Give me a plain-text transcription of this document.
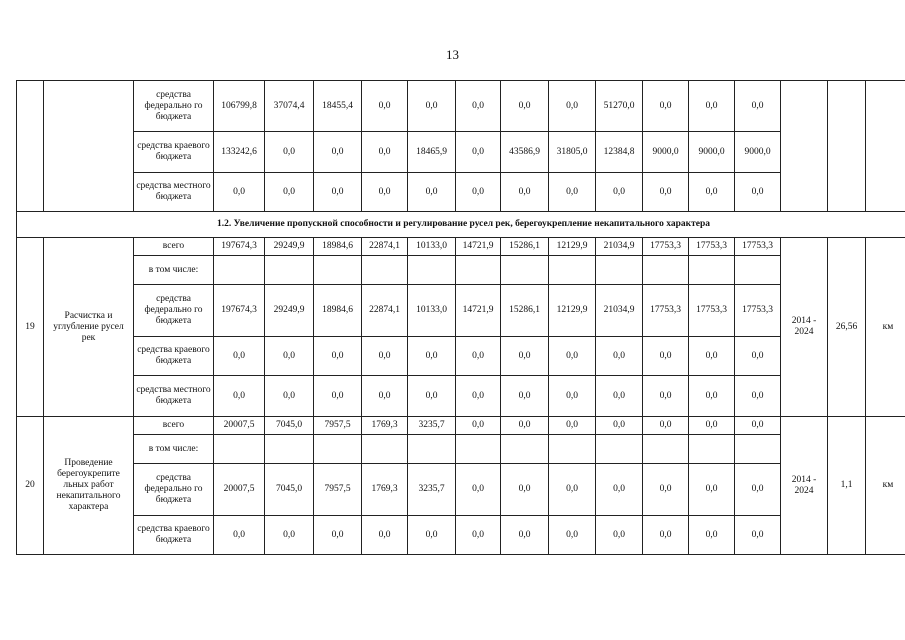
13
		средства федерально го бюджета	106799,8	37074,4	18455,4	0,0	0,0	0,0	0,0	0,0	51270,0	0,0	0,0	0,0			
		средства краевого бюджета	133242,6	0,0	0,0	0,0	18465,9	0,0	43586,9	31805,0	12384,8	9000,0	9000,0	9000,0			
		средства местного бюджета	0,0	0,0	0,0	0,0	0,0	0,0	0,0	0,0	0,0	0,0	0,0	0,0			
1.2. Увеличение пропускной способности и регулирование русел рек, берегоукрепление некапитального характера																	
19	Расчистка и углубление русел рек	всего	197674,3	29249,9	18984,6	22874,1	10133,0	14721,9	15286,1	12129,9	21034,9	17753,3	17753,3	17753,3	2014 - 2024	26,56	км
		в том числе:															
		средства федерально го бюджета	197674,3	29249,9	18984,6	22874,1	10133,0	14721,9	15286,1	12129,9	21034,9	17753,3	17753,3	17753,3			
		средства краевого бюджета	0,0	0,0	0,0	0,0	0,0	0,0	0,0	0,0	0,0	0,0	0,0	0,0			
		средства местного бюджета	0,0	0,0	0,0	0,0	0,0	0,0	0,0	0,0	0,0	0,0	0,0	0,0			
20	Проведение берегоукрепите льных работ некапитального характера	всего	20007,5	7045,0	7957,5	1769,3	3235,7	0,0	0,0	0,0	0,0	0,0	0,0	0,0	2014 - 2024	1,1	км
		в том числе:															
		средства федерально го бюджета	20007,5	7045,0	7957,5	1769,3	3235,7	0,0	0,0	0,0	0,0	0,0	0,0	0,0			
		средства краевого бюджета	0,0	0,0	0,0	0,0	0,0	0,0	0,0	0,0	0,0	0,0	0,0	0,0			
